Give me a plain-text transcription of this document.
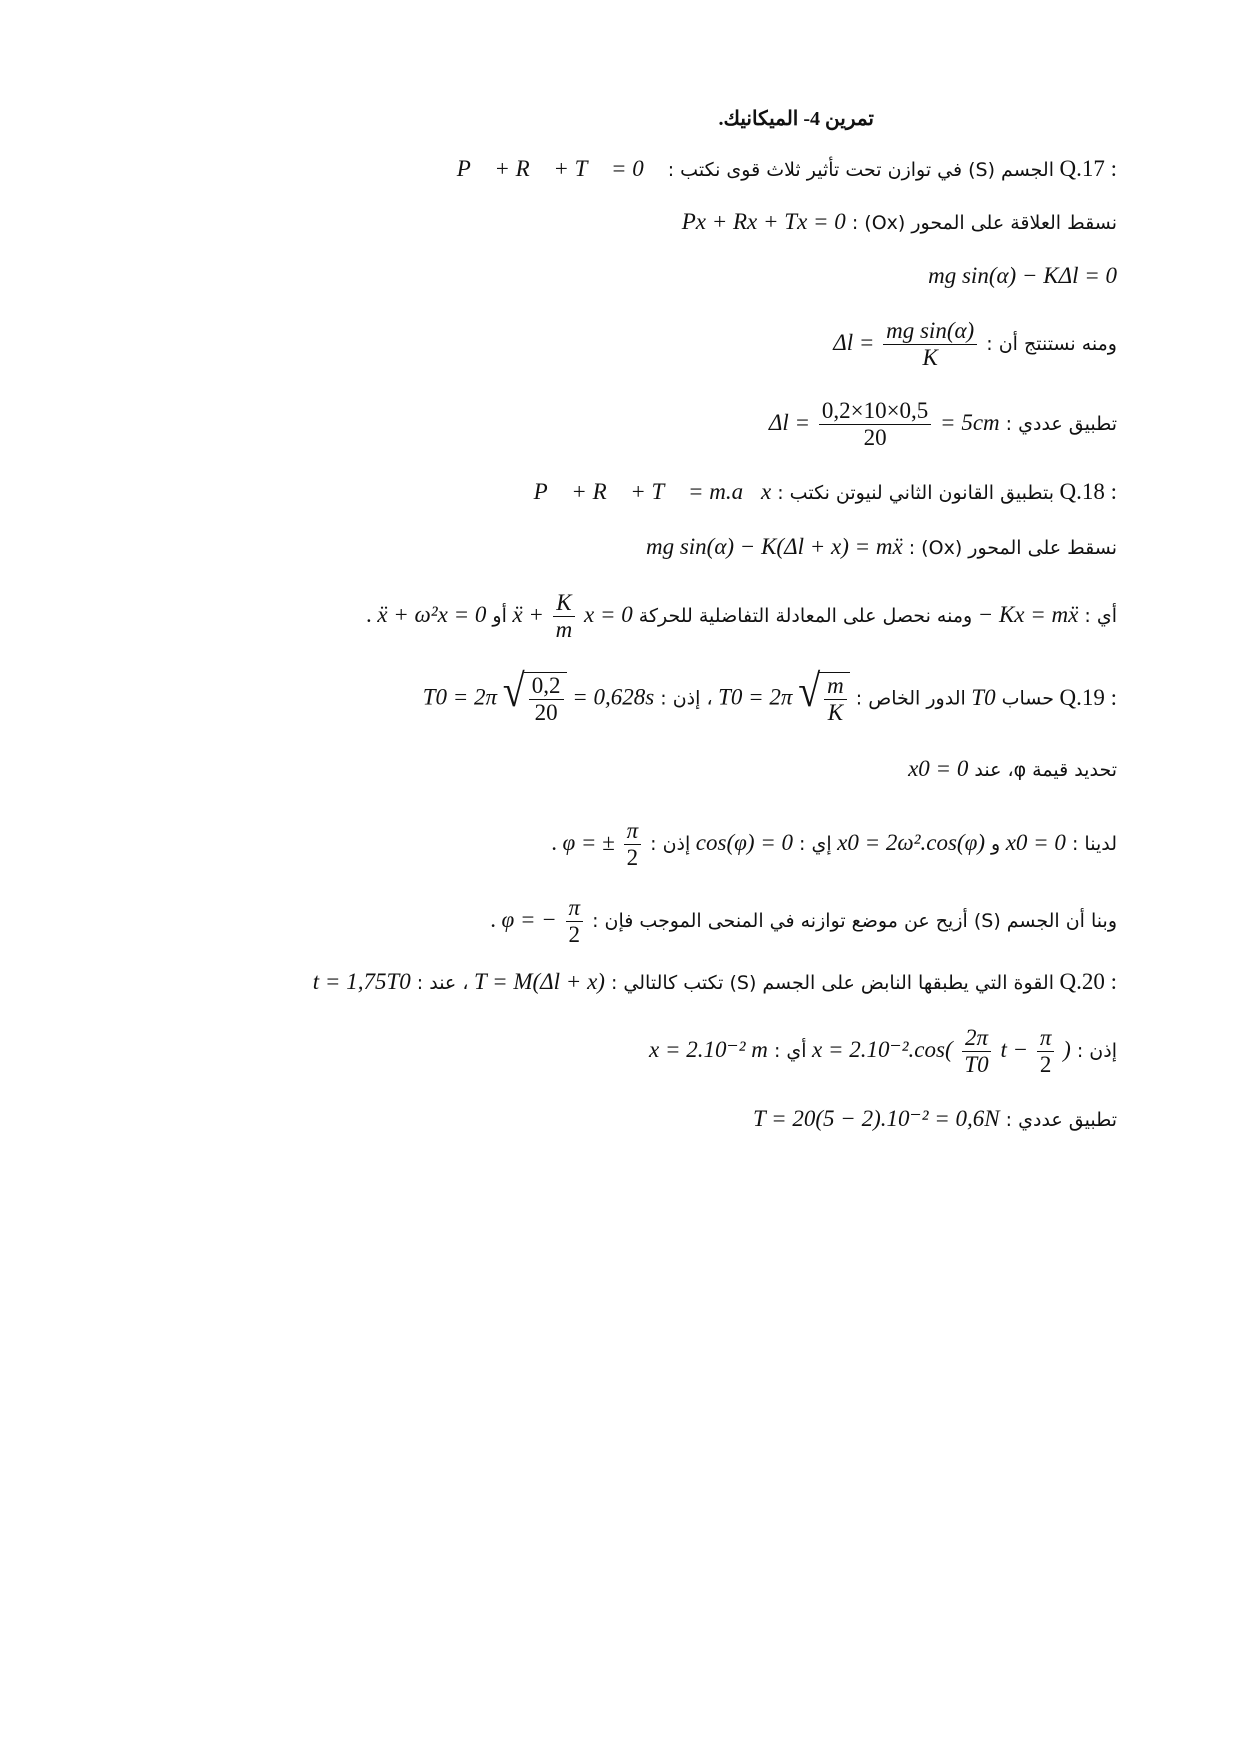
تمرين 4- الميكانيك.
Q.17 : الجسم (S) في توازن تحت تأثير ثلاث قوى نكتب : P⃗ + R⃗ + T⃗ = 0⃗
نسقط العلاقة على المحور (Ox) : Px + Rx + Tx = 0
mg sin(α) − KΔl = 0
ومنه نستنتج أن : $\Delta l = \frac{\text{mg sin(α)}}{K}$
تطبيق عددي : $\Delta l = \frac{0,2\times 10\times 0,5}{20} = 5cm$
Q.18 : بتطبيق القانون الثاني لنيوتن نكتب : P⃗ + R⃗ + T⃗ = m.a⃗x
نسقط على المحور (Ox) : mg sin(α) − K(Δl + x) = mẍ
أي : − Kx = mẍ ومنه نحصل على المعادلة التفاضلية للحركة ẍ + $\frac{K}{m}$ x = 0 أو ẍ + ω²x = 0 .
Q.19 : حساب T0 الدور الخاص : T0 = 2π √ $\frac{m}{K}$
، إذن : T0 = 2π √ $\frac{0,2}{20} = 0,628s$
تحديد قيمة φ، عند x0 = 0
لدينا : x0 = 0 و x0 = 2ω².cos(φ) إي : cos(φ) = 0 إذن : φ = ± $\frac{\pi}{2}$
.
وبنا أن الجسم (S) أزيح عن موضع توازنه في المنحى الموجب فإن : φ = − $\frac{\pi}{2}$
.
Q.20 : القوة التي يطبقها النابض على الجسم (S) تكتب كالتالي : T = M(Δl + x) ، عند : t = 1,75T0
إذن : $x = 2.10^{-2}.\cos( \frac{2\pi}{T0}$ $t - \frac{\pi}{2}$ ) أي : x = 2.10⁻² m
تطبيق عددي : T = 20(5 − 2).10⁻² = 0,6N
